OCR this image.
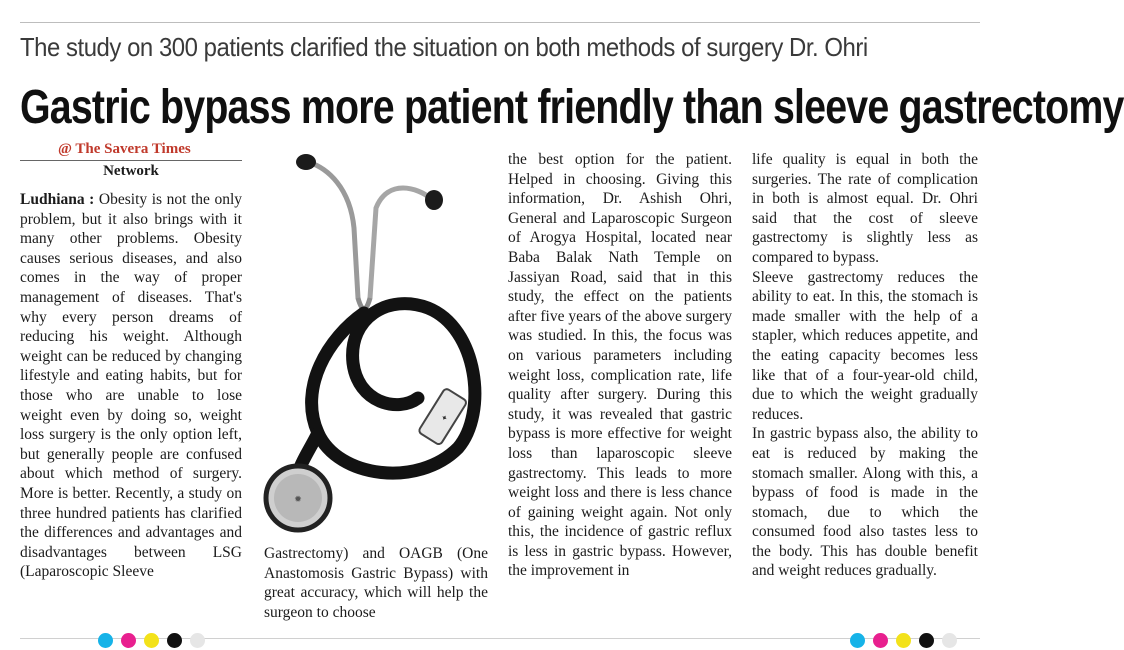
The study on 300 patients clarified the situation on both methods of surgery Dr. Ohri
Gastric bypass more patient friendly than sleeve gastrectomy
@ The Savera Times
Network

Ludhiana : Obesity is not the only problem, but it also brings with it many other problems. Obesity causes serious diseases, and also comes in the way of proper management of diseases. That's why every person dreams of reducing his weight. Although weight can be reduced by changing lifestyle and eating habits, but for those who are unable to lose weight even by doing so, weight loss surgery is the only option left, but generally people are confused about which method of surgery. More is better. Recently, a study on three hundred patients has clarified the differences and advantages and disadvantages between LSG (Laparoscopic Sleeve

✦
✹

Gastrectomy) and OAGB (One Anastomosis Gastric Bypass) with great accuracy, which will help the surgeon to choose

the best option for the patient. Helped in choosing. Giving this information, Dr. Ashish Ohri, General and Laparoscopic Surgeon of Arogya Hospital, located near Baba Balak Nath Temple on Jassiyan Road, said that in this study, the effect on the patients after five years of the above surgery was studied. In this, the focus was on various parameters including weight loss, complication rate, life quality after surgery. During this study, it was revealed that gastric bypass is more effective for weight loss than laparoscopic sleeve gastrectomy. This leads to more weight loss and there is less chance of gaining weight again. Not only this, the incidence of gastric reflux is less in gastric bypass. However, the improvement in

life quality is equal in both the surgeries. The rate of complication in both is almost equal. Dr. Ohri said that the cost of sleeve gastrectomy is slightly less as compared to bypass.

Sleeve gastrectomy reduces the ability to eat. In this, the stomach is made smaller with the help of a stapler, which reduces appetite, and the eating capacity becomes less like that of a four-year-old child, due to which the weight gradually reduces.

In gastric bypass also, the ability to eat is reduced by making the stomach smaller. Along with this, a bypass of food is made in the stomach, due to which the consumed food also tastes less to the body. This has double benefit and weight reduces gradually.
